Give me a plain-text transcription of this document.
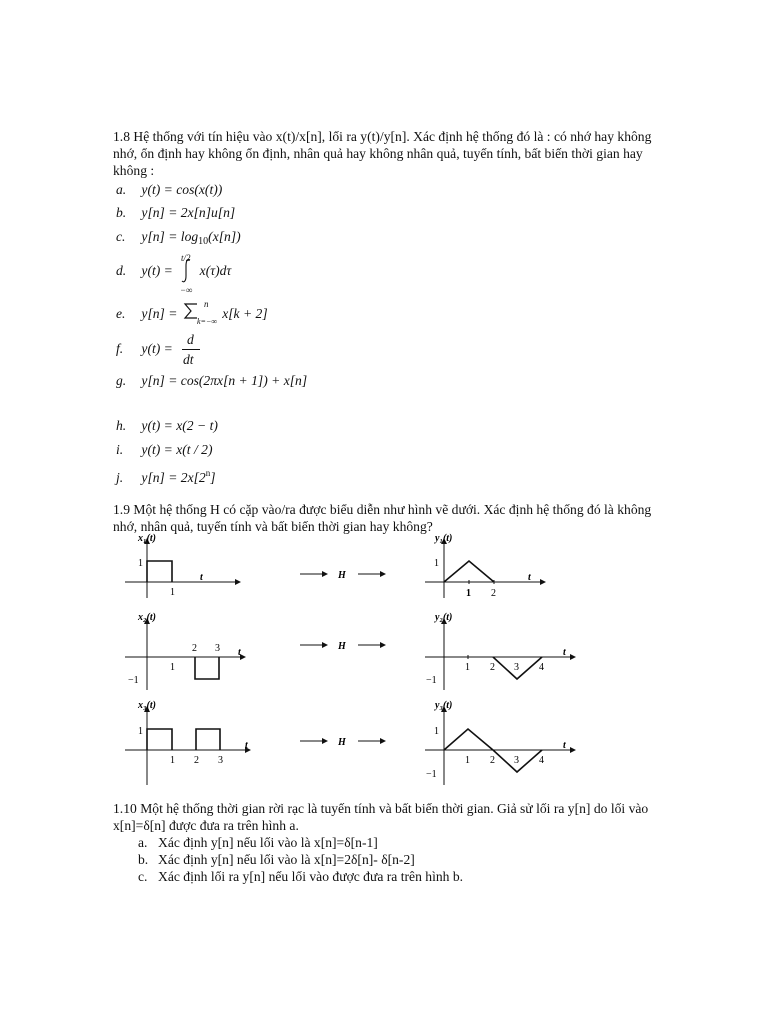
1.8 Hệ thống với tín hiệu vào x(t)/x[n], lối ra y(t)/y[n]. Xác định hệ thống đó là : có nhớ hay không nhớ, ổn định hay không ổn định, nhân quả hay không nhân quả, tuyến tính, bất biến thời gian hay không :
a. y(t) = cos(x(t))
b. y[n] = 2x[n]u[n]
c. $y[n] = \log_{10}(x[n])$
d. y(t) = x(τ)dτ
t/2
−∞
e. y[n] =	x[k + 2]
n
k=−∞
f. y(t) =
d
dt
g. y[n] = cos(2πx[n + 1]) + x[n]
h. y(t) = x(2 − t)
i. y(t) = x(t / 2)
j. $y[n] = 2x[2^n]$
1.9 Một hệ thống H có cặp vào/ra được biểu diễn như hình vẽ dưới. Xác định hệ thống đó là không nhớ, nhân quả, tuyến tính và bất biến thời gian hay không?
x₁(t)	y₁(t)
x₂(t)	y₂(t)
x₃(t)	y₃(t)
H
H
H
t	t
t	t
t	t
1
1
1
1 2
2 3
1
−1
1 2 3 4
−1
1
1 2 3
1
1 2 3 4
−1
1.10 Một hệ thống thời gian rời rạc là tuyến tính và bất biến thời gian. Giả sử lối ra y[n] do lối vào x[n]=δ[n] được đưa ra trên hình a.
a. Xác định y[n] nếu lối vào là x[n]=δ[n-1]
b. Xác định y[n] nếu lối vào là x[n]=2δ[n]- δ[n-2]
c. Xác định lối ra y[n] nếu lối vào được đưa ra trên hình b.
